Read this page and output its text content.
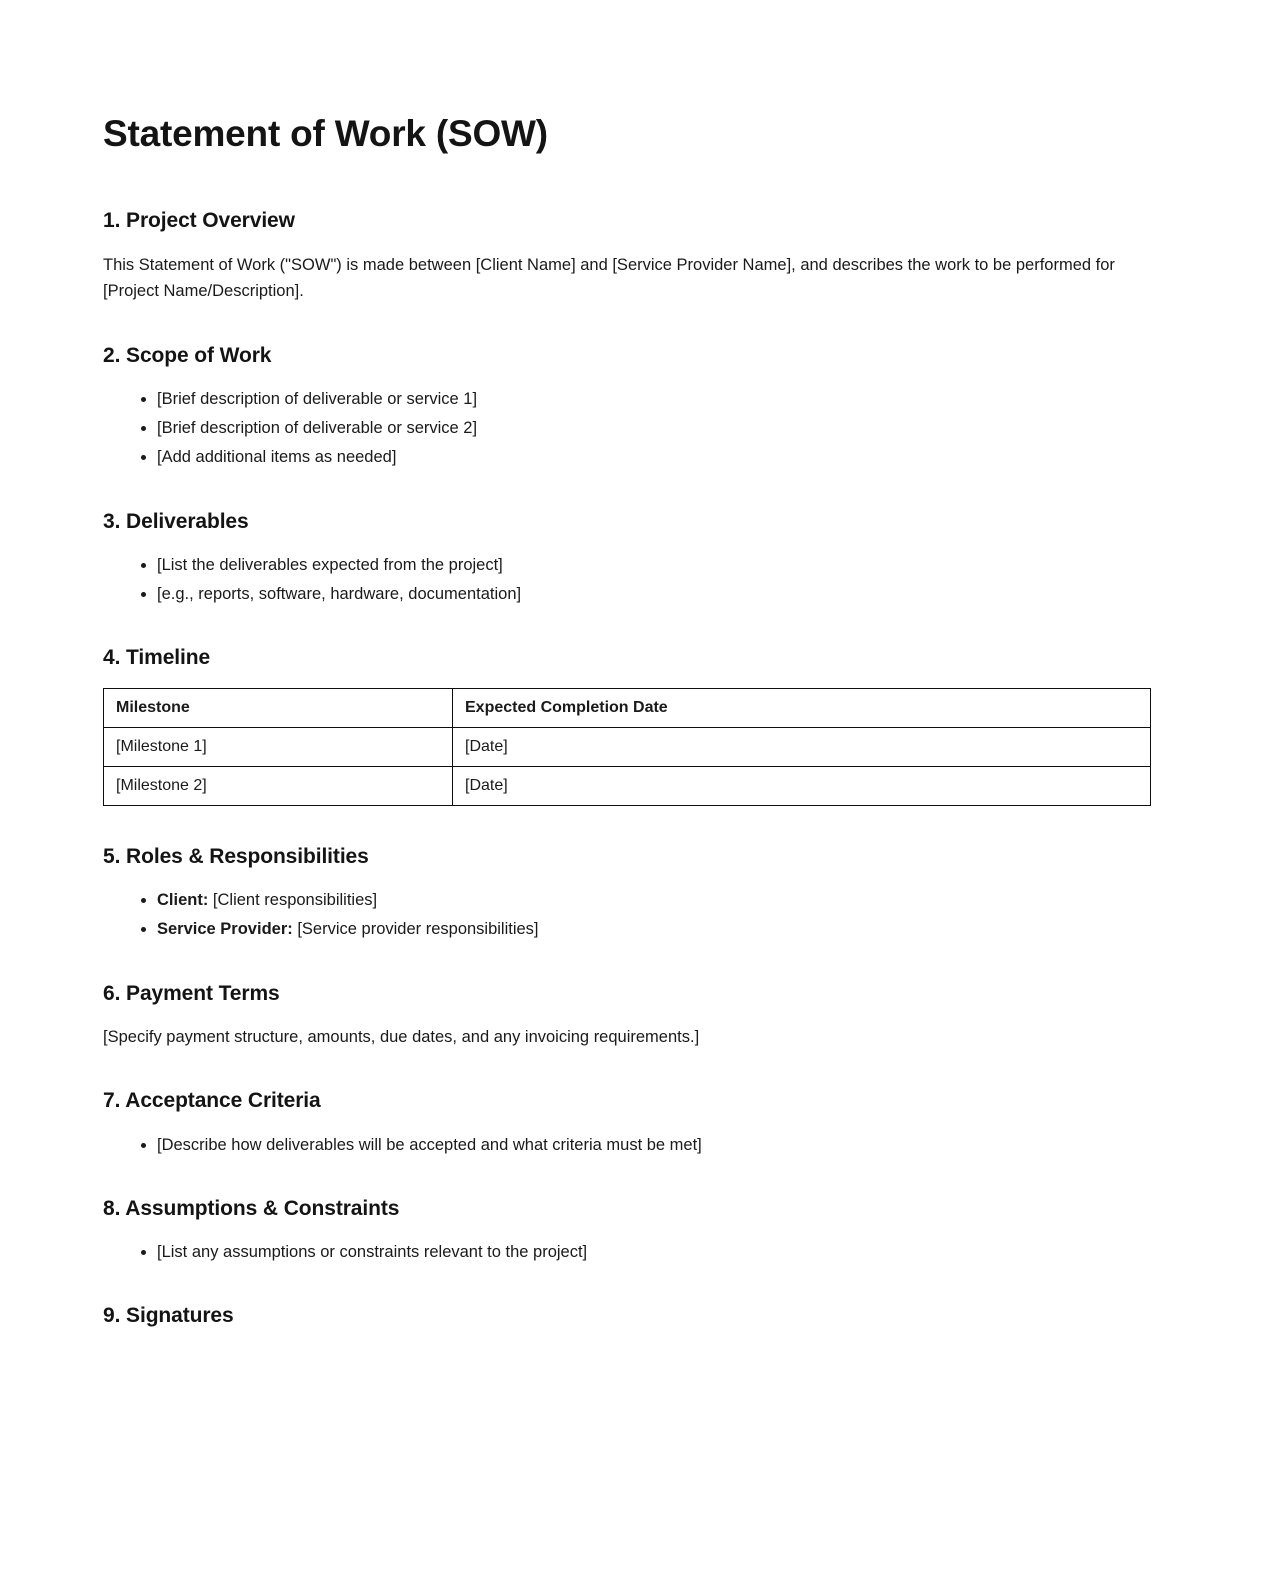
Statement of Work (SOW)
1. Project Overview

This Statement of Work ("SOW") is made between [Client Name] and [Service Provider Name], and describes the work to be performed for [Project Name/Description].

2. Scope of Work
[Brief description of deliverable or service 1]
[Brief description of deliverable or service 2]
[Add additional items as needed]
3. Deliverables
[List the deliverables expected from the project]
[e.g., reports, software, hardware, documentation]
4. Timeline
Milestone	Expected Completion Date
[Milestone 1]	[Date]
[Milestone 2]	[Date]
5. Roles & Responsibilities
Client: [Client responsibilities]
Service Provider: [Service provider responsibilities]
6. Payment Terms

[Specify payment structure, amounts, due dates, and any invoicing requirements.]

7. Acceptance Criteria
[Describe how deliverables will be accepted and what criteria must be met]
8. Assumptions & Constraints
[List any assumptions or constraints relevant to the project]
9. Signatures
